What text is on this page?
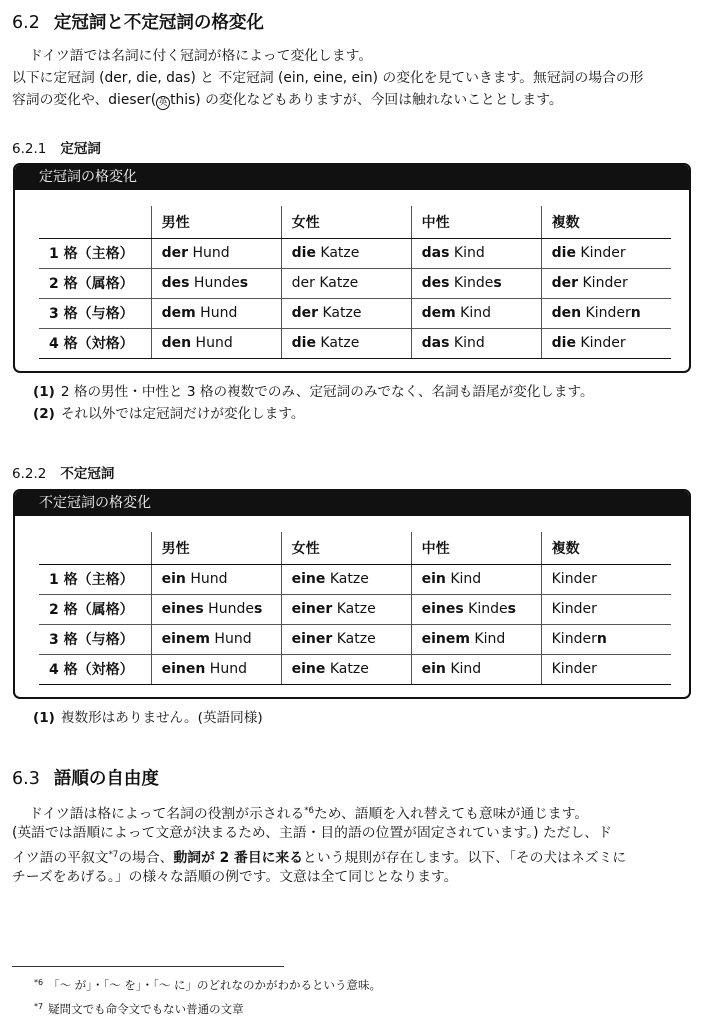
6.2 定冠詞と不定冠詞の格変化
ドイツ語では名詞に付く冠詞が格によって変化します。
以下に定冠詞 (der, die, das) と 不定冠詞 (ein, eine, ein) の変化を見ていきます。無冠詞の場合の形
容詞の変化や、dieser( 英 this) の変化などもありますが、今回は触れないこととします。
6.2.1 定冠詞
定冠詞の格変化
	男性	女性	中性	複数
1 格（主格）	der Hund	die Katze	das Kind	die Kinder
2 格（属格）	des Hundes	der Katze	des Kindes	der Kinder
3 格（与格）	dem Hund	der Katze	dem Kind	den Kindern
4 格（対格）	den Hund	die Katze	das Kind	die Kinder
(1) 2 格の男性・中性と 3 格の複数でのみ、定冠詞のみでなく、名詞も語尾が変化します。
(2) それ以外では定冠詞だけが変化します。
6.2.2 不定冠詞
不定冠詞の格変化
	男性	女性	中性	複数
1 格（主格）	ein Hund	eine Katze	ein Kind	Kinder
2 格（属格）	eines Hundes	einer Katze	eines Kindes	Kinder
3 格（与格）	einem Hund	einer Katze	einem Kind	Kindern
4 格（対格）	einen Hund	eine Katze	ein Kind	Kinder
(1) 複数形はありません。(英語同様)
6.3 語順の自由度
ドイツ語は格によって名詞の役割が示される$^{*6}$ため、語順を入れ替えても意味が通じます。
(英語では語順によって文意が決まるため、主語・目的語の位置が固定されています。) ただし、ド
イツ語の平叙文$^{*7}$の場合、動詞が 2 番目に来るという規則が存在します。以下、「その犬はネズミに
チーズをあげる。」の様々な語順の例です。文意は全て同じとなります。
$^{*6}$ 「～ が」・「～ を」・「～ に」のどれなのかがわかるという意味。
$^{*7}$ 疑問文でも命令文でもない普通の文章
